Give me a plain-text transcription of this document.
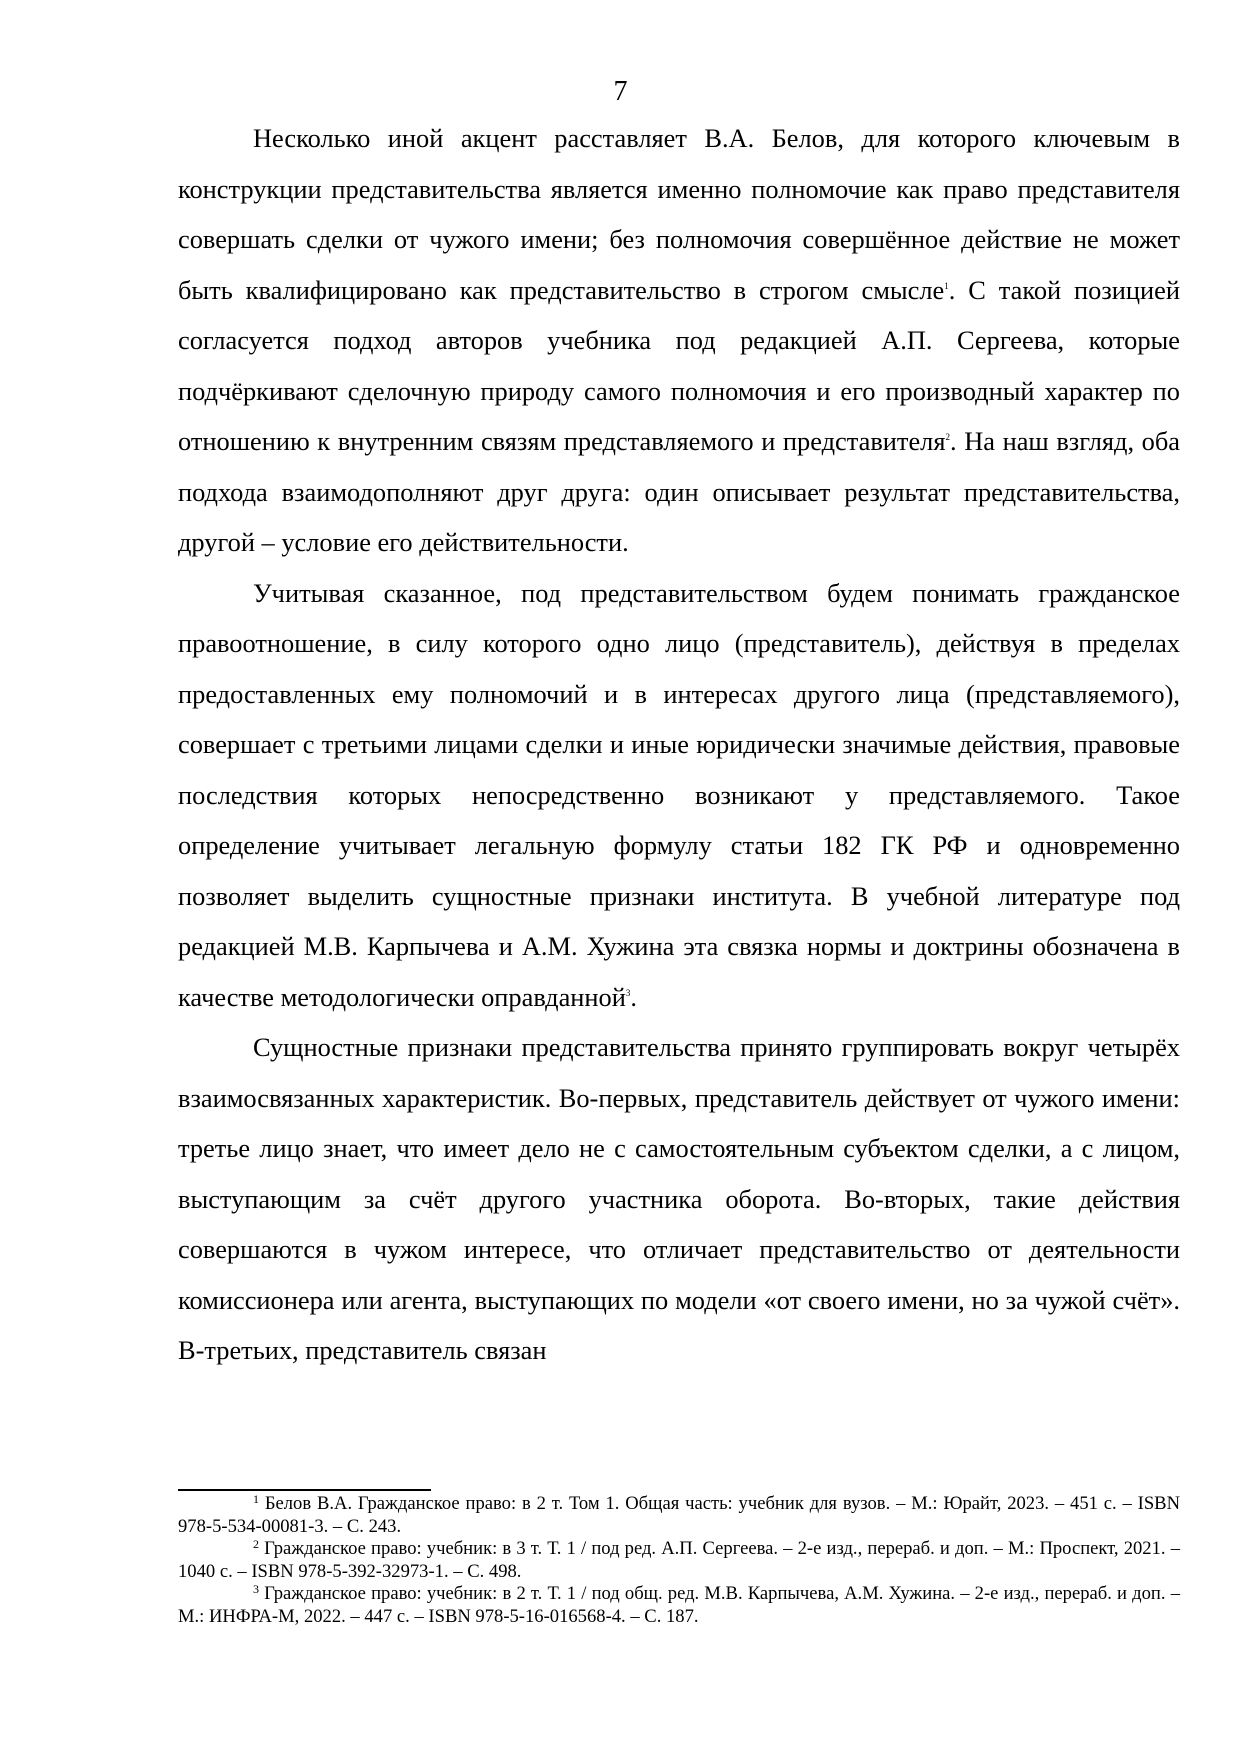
7

Несколько иной акцент расставляет В.А. Белов, для которого ключевым в конструкции представительства является именно полномочие как право представителя совершать сделки от чужого имени; без полномочия совершённое действие не может быть квалифицировано как представительство в строгом смысле$^1$. С такой позицией согласуется подход авторов учебника под редакцией А.П. Сергеева, которые подчёркивают сделочную природу самого полномочия и его производный характер по отношению к внутренним связям представляемого и представителя$^2$. На наш взгляд, оба подхода взаимодополняют друг друга: один описывает результат представительства, другой – условие его действительности.

Учитывая сказанное, под представительством будем понимать гражданское правоотношение, в силу которого одно лицо (представитель), действуя в пределах предоставленных ему полномочий и в интересах другого лица (представляемого), совершает с третьими лицами сделки и иные юридически значимые действия, правовые последствия которых непосредственно возникают у представляемого. Такое определение учитывает легальную формулу статьи 182 ГК РФ и одновременно позволяет выделить сущностные признаки института. В учебной литературе под редакцией М.В. Карпычева и А.М. Хужина эта связка нормы и доктрины обозначена в качестве методологически оправданной$^3$.

Сущностные признаки представительства принято группировать вокруг четырёх взаимосвязанных характеристик. Во-первых, представитель действует от чужого имени: третье лицо знает, что имеет дело не с самостоятельным субъектом сделки, а с лицом, выступающим за счёт другого участника оборота. Во-вторых, такие действия совершаются в чужом интересе, что отличает представительство от деятельности комиссионера или агента, выступающих по модели «от своего имени, но за чужой счёт». В-третьих, представитель связан

$^1$ Белов В.А. Гражданское право: в 2 т. Том 1. Общая часть: учебник для вузов. – М.: Юрайт, 2023. – 451 с. – ISBN 978-5-534-00081-3. – С. 243.

$^2$ Гражданское право: учебник: в 3 т. Т. 1 / под ред. А.П. Сергеева. – 2-е изд., перераб. и доп. – М.: Проспект, 2021. – 1040 с. – ISBN 978-5-392-32973-1. – С. 498.

$^3$ Гражданское право: учебник: в 2 т. Т. 1 / под общ. ред. М.В. Карпычева, А.М. Хужина. – 2-е изд., перераб. и доп. – М.: ИНФРА-М, 2022. – 447 с. – ISBN 978-5-16-016568-4. – С. 187.
